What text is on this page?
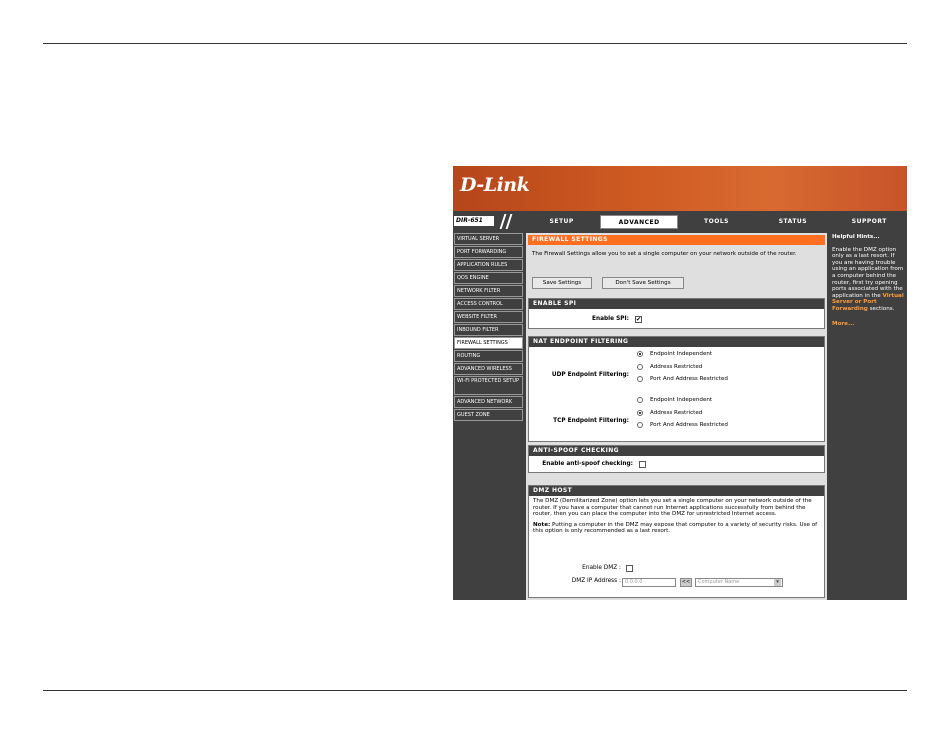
D-Link
DIR-651	SETUP	ADVANCED	TOOLS	STATUS	SUPPORT
VIRTUAL SERVER
PORT FORWARDING
APPLICATION RULES
QOS ENGINE
NETWORK FILTER
ACCESS CONTROL
WEBSITE FILTER
INBOUND FILTER
FIREWALL SETTINGS
ROUTING
ADVANCED WIRELESS
WI-FI PROTECTED SETUP
ADVANCED NETWORK
GUEST ZONE
FIREWALL SETTINGS
The Firewall Settings allow you to set a single computer on your network outside of the router.
Save Settings	Don't Save Settings
ENABLE SPI
Enable SPI: ✔
NAT ENDPOINT FILTERING
UDP Endpoint Filtering:
Endpoint Independent
Address Restricted
Port And Address Restricted
TCP Endpoint Filtering:
Endpoint Independent
Address Restricted
Port And Address Restricted
ANTI-SPOOF CHECKING
Enable anti-spoof checking:
DMZ HOST
The DMZ (Demilitarized Zone) option lets you set a single computer on your network outside of the router. If you have a computer that cannot run Internet applications successfully from behind the router, then you can place the computer into the DMZ for unrestricted Internet access.
Note: Putting a computer in the DMZ may expose that computer to a variety of security risks. Use of this option is only recommended as a last resort.
Enable DMZ :
DMZ IP Address : 0.0.0.0	<<	Computer Name	▾
Helpful Hints...
Enable the DMZ option only as a last resort. If you are having trouble using an application from a computer behind the router, first try opening ports associated with the application in the Virtual Server or Port Forwarding sections.
More...
